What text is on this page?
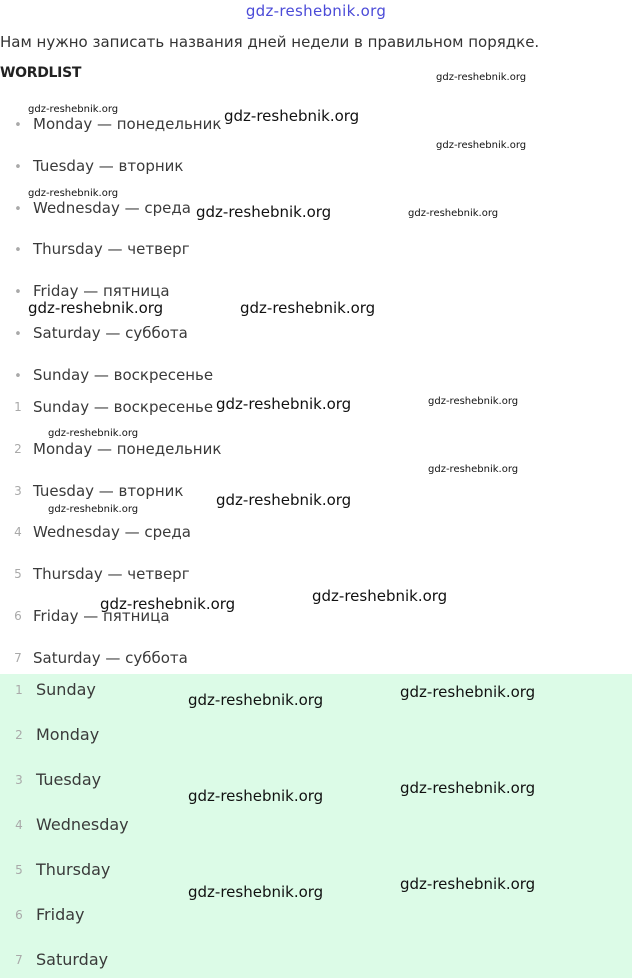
gdz-reshebnik.org
Нам нужно записать названия дней недели в правильном порядке.
WORDLIST
• Monday — понедельник
• Tuesday — вторник
• Wednesday — среда
• Thursday — четверг
• Friday — пятница
• Saturday — суббота
• Sunday — воскресенье
1 Sunday — воскресенье
2 Monday — понедельник
3 Tuesday — вторник
4 Wednesday — среда
5 Thursday — четверг
6 Friday — пятница
7 Saturday — суббота
1 Sunday
2 Monday
3 Tuesday
4 Wednesday
5 Thursday
6 Friday
7 Saturday
gdz-reshebnik.org
gdz-reshebnik.org	gdz-reshebnik.org
gdz-reshebnik.org
gdz-reshebnik.org
gdz-reshebnik.org	gdz-reshebnik.org
gdz-reshebnik.org	gdz-reshebnik.org
gdz-reshebnik.org
gdz-reshebnik.org
gdz-reshebnik.org
gdz-reshebnik.org
gdz-reshebnik.org
gdz-reshebnik.org
gdz-reshebnik.org
gdz-reshebnik.org
gdz-reshebnik.org
gdz-reshebnik.org
gdz-reshebnik.org
gdz-reshebnik.org
gdz-reshebnik.org
gdz-reshebnik.org
